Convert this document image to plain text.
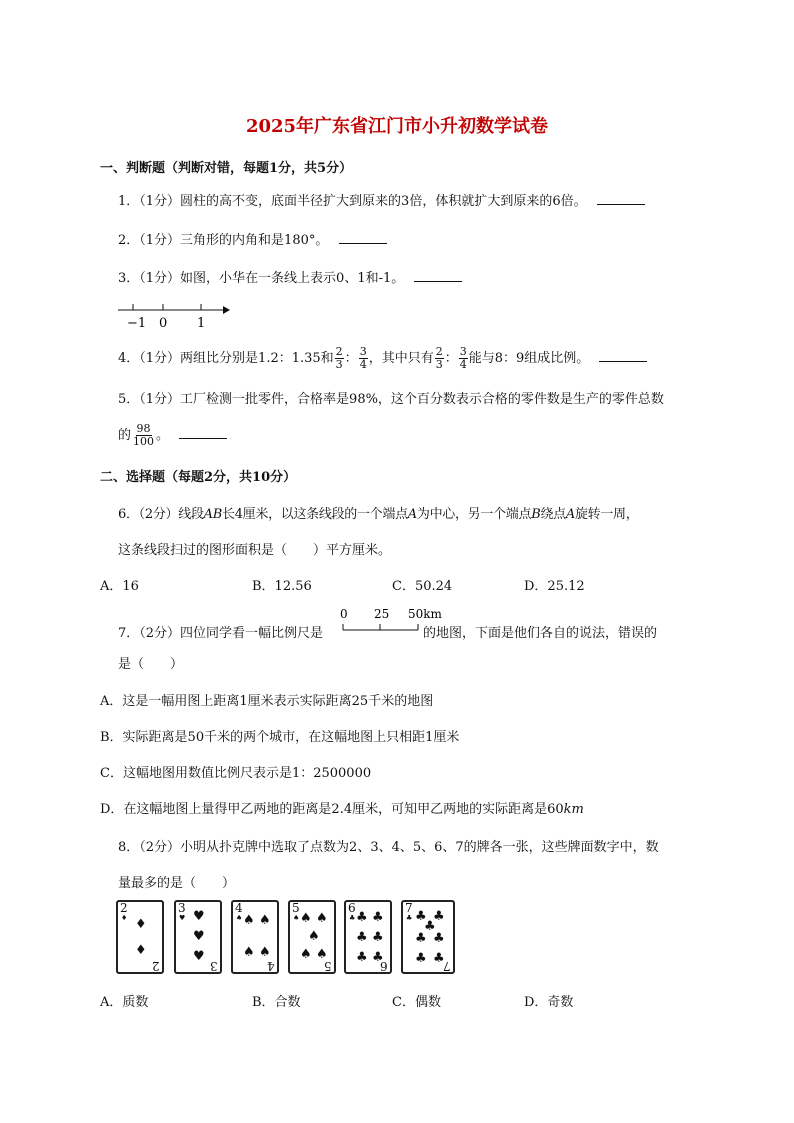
2025年广东省江门市小升初数学试卷
一、判断题（判断对错，每题1分，共5分）
1．（1分）圆柱的高不变，底面半径扩大到原来的3倍，体积就扩大到原来的6倍。
2．（1分）三角形的内角和是180°。
3．（1分）如图，小华在一条线上表示0、1和-1。
−1 0 1
4．（1分）两组比分别是1.2：1.35和 $\frac{2}{3}$ ： $\frac{3}{4}$ ，其中只有 $\frac{2}{3}$ ： $\frac{3}{4}$ 能与8：9组成比例。
5．（1分）工厂检测一批零件，合格率是98%，这个百分数表示合格的零件数是生产的零件总数
的 $\frac{98}{100}$ 。
二、选择题（每题2分，共10分）
6．（2分）线段AB长4厘米，以这条线段的一个端点A为中心，另一个端点B绕点A旋转一周，
这条线段扫过的图形面积是（　　）平方厘米。
A．16	B．12.56	C．50.24	D．25.12
7．（2分）四位同学看一幅比例尺是	的地图，下面是他们各自的说法，错误的
0 25 50km
是（　　）
A．这是一幅用图上距离1厘米表示实际距离25千米的地图
B．实际距离是50千米的两个城市，在这幅地图上只相距1厘米
C．这幅地图用数值比例尺表示是1：2500000
D．在这幅地图上量得甲乙两地的距离是2.4厘米，可知甲乙两地的实际距离是60km
8．（2分）小明从扑克牌中选取了点数为2、3、4、5、6、7的牌各一张，这些牌面数字中，数
量最多的是（　　）
2
♦ ♦
♦
2
3
♥ ♥
♥
♥
3
4
♠ ♠ ♠
♠ ♠
4
5
♠ ♠ ♠
♠
♠ ♠
5
6
♣ ♣ ♣
♣ ♣
♣ ♣
6
7
♣ ♣ ♣
♣
♣ ♣
♣ ♣
7
A．质数	B．合数	C．偶数	D．奇数
